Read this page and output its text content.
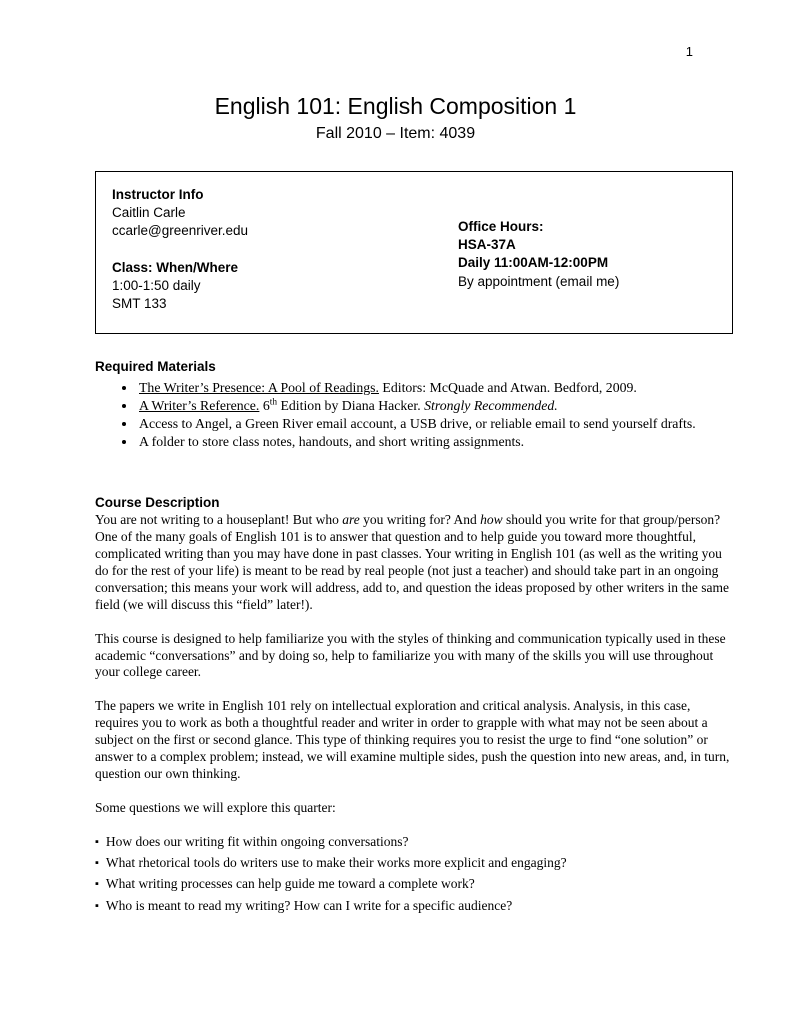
1
English 101: English Composition 1
Fall 2010 – Item: 4039
Instructor Info
Caitlin Carle
ccarle@greenriver.edu
Class: When/Where
1:00-1:50 daily
SMT 133
Office Hours:
HSA-37A
Daily 11:00AM-12:00PM
By appointment (email me)
Required Materials
• The Writer’s Presence: A Pool of Readings. Editors: McQuade and Atwan. Bedford, 2009.
• A Writer’s Reference. 6th Edition by Diana Hacker. Strongly Recommended.
• Access to Angel, a Green River email account, a USB drive, or reliable email to send yourself drafts.
• A folder to store class notes, handouts, and short writing assignments.
Course Description

You are not writing to a houseplant! But who are you writing for? And how should you write for that group/person? One of the many goals of English 101 is to answer that question and to help guide you toward more thoughtful, complicated writing than you may have done in past classes. Your writing in English 101 (as well as the writing you do for the rest of your life) is meant to be read by real people (not just a teacher) and should take part in an ongoing conversation; this means your work will address, add to, and question the ideas proposed by other writers in the same field (we will discuss this “field” later!).

This course is designed to help familiarize you with the styles of thinking and communication typically used in these academic “conversations” and by doing so, help to familiarize you with many of the skills you will use throughout your college career.

The papers we write in English 101 rely on intellectual exploration and critical analysis. Analysis, in this case, requires you to work as both a thoughtful reader and writer in order to grapple with what may not be seen about a subject on the first or second glance. This type of thinking requires you to resist the urge to find “one solution” or answer to a complex problem; instead, we will examine multiple sides, push the question into new areas, and, in turn, question our own thinking.

Some questions we will explore this quarter:

▪ How does our writing fit within ongoing conversations?
▪ What rhetorical tools do writers use to make their works more explicit and engaging?
▪ What writing processes can help guide me toward a complete work?
▪ Who is meant to read my writing? How can I write for a specific audience?
